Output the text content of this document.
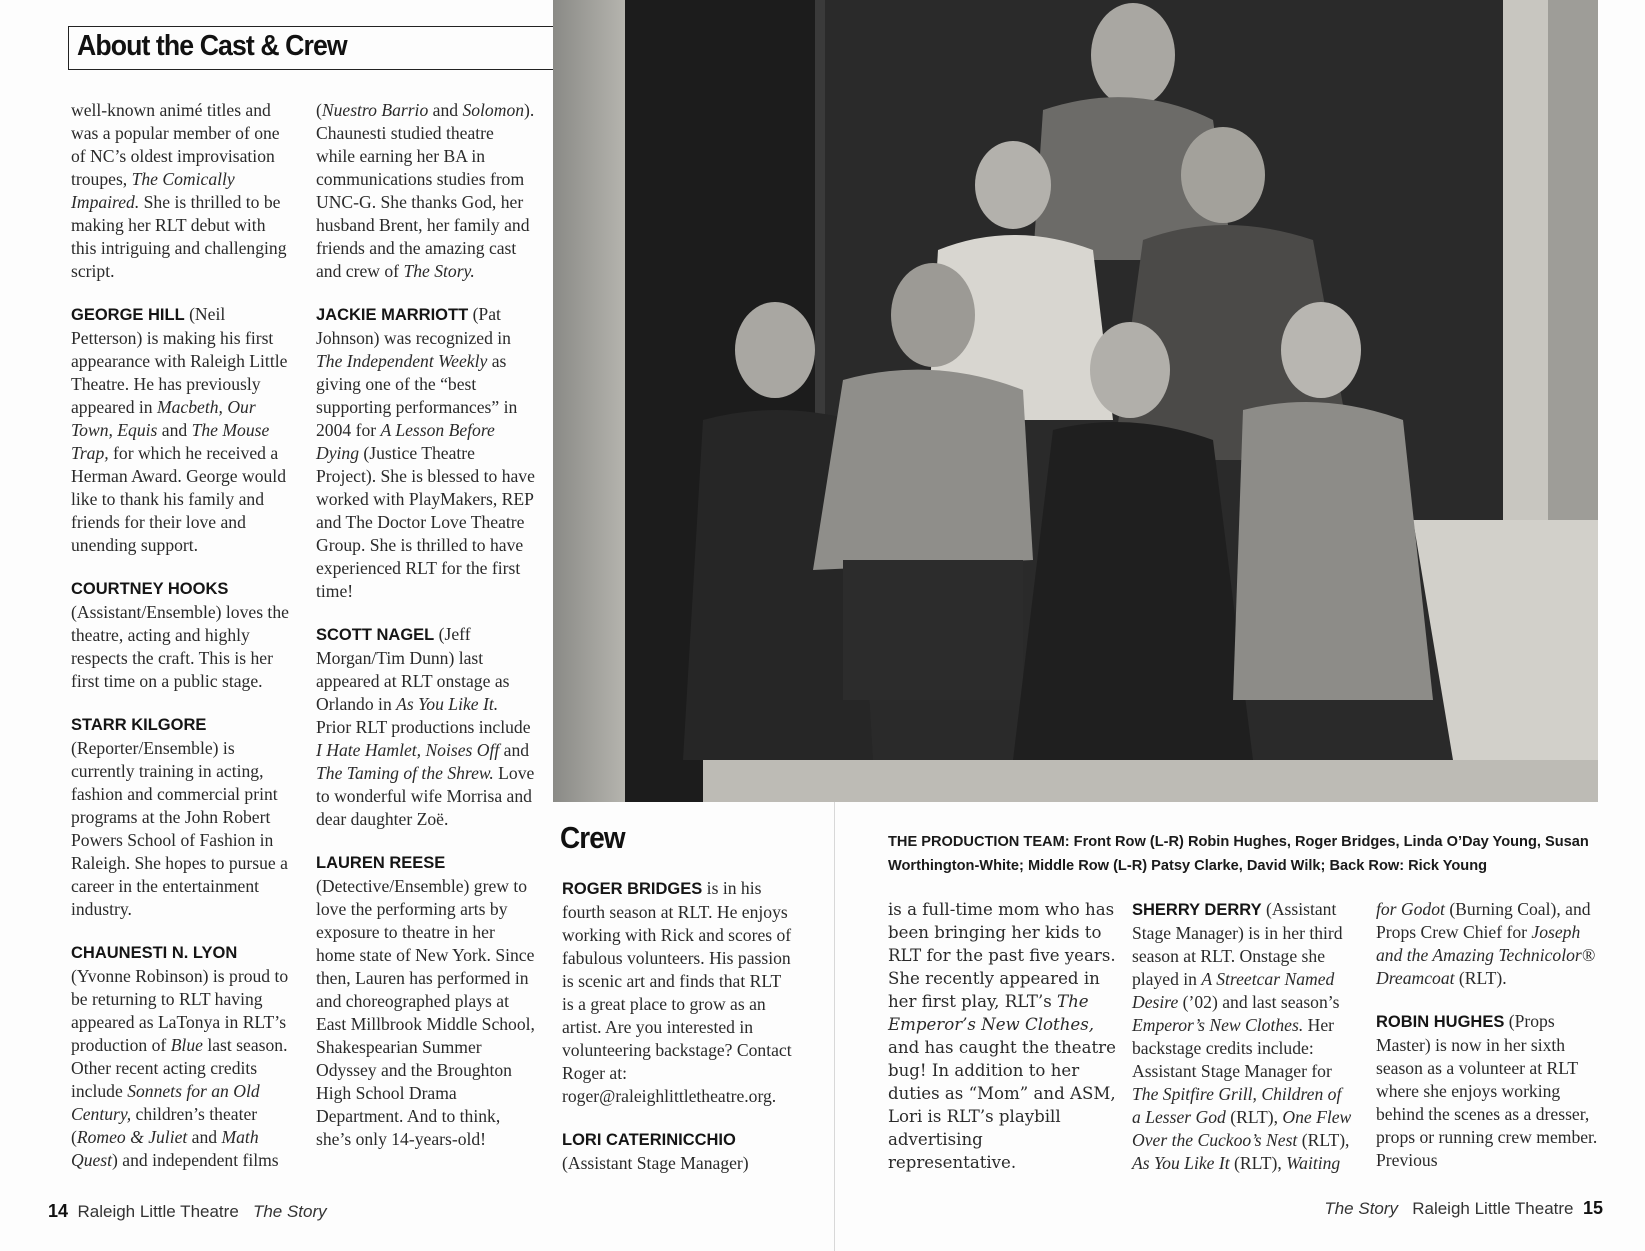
About the Cast & Crew

well-known animé titles and was a popular member of one of NC’s oldest improvisation troupes, The Comically Impaired. She is thrilled to be making her RLT debut with this intriguing and challenging script.

GEORGE HILL (Neil Petterson) is making his first appearance with Raleigh Little Theatre. He has previously appeared in Macbeth, Our Town, Equis and The Mouse Trap, for which he received a Herman Award. George would like to thank his family and friends for their love and unending support.

COURTNEY HOOKS (Assistant/Ensemble) loves the theatre, acting and highly respects the craft. This is her first time on a public stage.

STARR KILGORE (Reporter/Ensemble) is currently training in acting, fashion and commercial print programs at the John Robert Powers School of Fashion in Raleigh. She hopes to pursue a career in the entertainment industry.

CHAUNESTI N. LYON (Yvonne Robinson) is proud to be returning to RLT having appeared as LaTonya in RLT’s production of Blue last season. Other recent acting credits include Sonnets for an Old Century, children’s theater (Romeo & Juliet and Math Quest) and independent films

(Nuestro Barrio and Solomon). Chaunesti studied theatre while earning her BA in communications studies from UNC-G. She thanks God, her husband Brent, her family and friends and the amazing cast and crew of The Story.

JACKIE MARRIOTT (Pat Johnson) was recognized in The Independent Weekly as giving one of the “best supporting performances” in 2004 for A Lesson Before Dying (Justice Theatre Project). She is blessed to have worked with PlayMakers, REP and The Doctor Love Theatre Group. She is thrilled to have experienced RLT for the first time!

SCOTT NAGEL (Jeff Morgan/Tim Dunn) last appeared at RLT onstage as Orlando in As You Like It. Prior RLT productions include I Hate Hamlet, Noises Off and The Taming of the Shrew. Love to wonderful wife Morrisa and dear daughter Zoë.

LAUREN REESE (Detective/Ensemble) grew to love the performing arts by exposure to theatre in her home state of New York. Since then, Lauren has performed in and choreographed plays at East Millbrook Middle School, Shakespearian Summer Odyssey and the Broughton High School Drama Department. And to think, she’s only 14-years-old!

Crew

ROGER BRIDGES is in his fourth season at RLT. He enjoys working with Rick and scores of fabulous volunteers. His passion is scenic art and finds that RLT is a great place to grow as an artist. Are you interested in volunteering backstage? Contact Roger at: roger@raleighlittletheatre.org.

LORI CATERINICCHIO
(Assistant Stage Manager)

THE PRODUCTION TEAM: Front Row (L-R) Robin Hughes, Roger Bridges, Linda O’Day Young, Susan Worthington-White; Middle Row (L-R) Patsy Clarke, David Wilk; Back Row: Rick Young

is a full-time mom who has been bringing her kids to RLT for the past five years. She recently appeared in her first play, RLT’s The Emperor’s New Clothes, and has caught the theatre bug! In addition to her duties as “Mom” and ASM, Lori is RLT’s playbill advertising representative.

SHERRY DERRY (Assistant Stage Manager) is in her third season at RLT. Onstage she played in A Streetcar Named Desire (’02) and last season’s Emperor’s New Clothes. Her backstage credits include: Assistant Stage Manager for The Spitfire Grill, Children of a Lesser God (RLT), One Flew Over the Cuckoo’s Nest (RLT), As You Like It (RLT), Waiting

for Godot (Burning Coal), and Props Crew Chief for Joseph and the Amazing Technicolor® Dreamcoat (RLT).

ROBIN HUGHES (Props Master) is now in her sixth season as a volunteer at RLT where she enjoys working behind the scenes as a dresser, props or running crew member. Previous

14 Raleigh Little Theatre The Story	The Story Raleigh Little Theatre 15
